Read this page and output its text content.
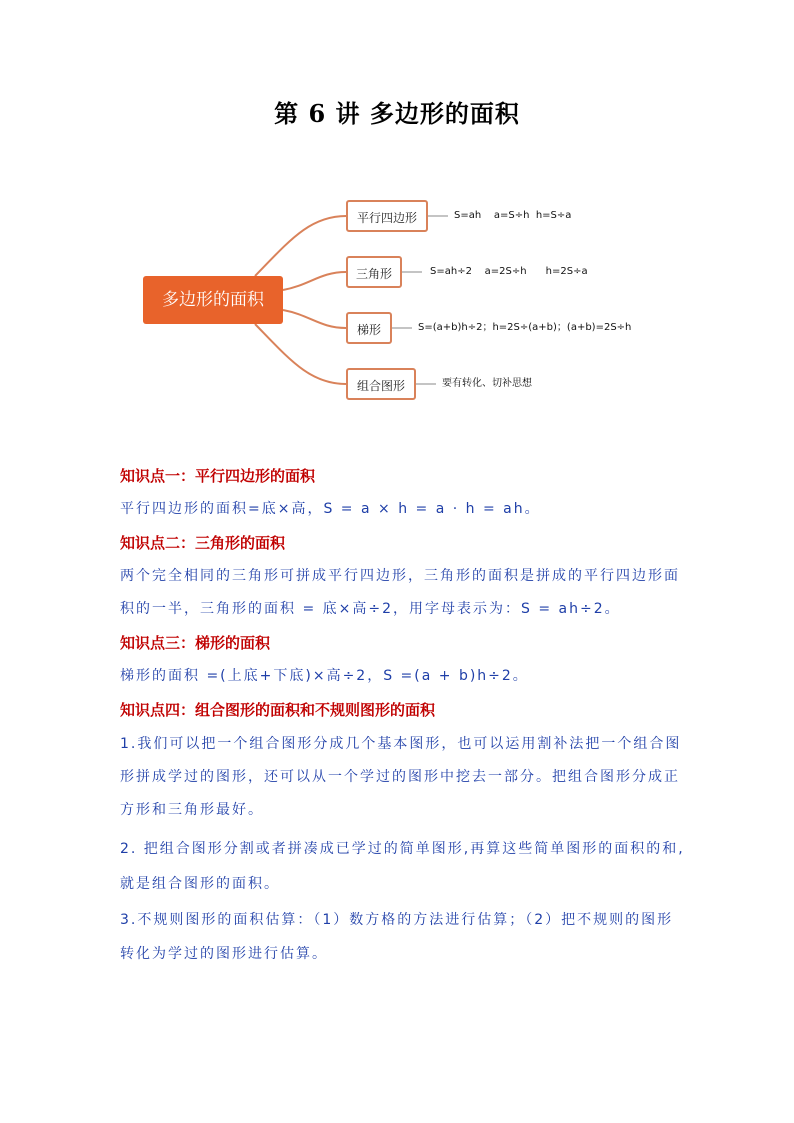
第 6 讲 多边形的面积
多边形的面积
平行四边形
三角形
梯形
组合图形
S=ah    a=S÷h  h=S÷a
S=ah÷2    a=2S÷h      h=2S÷a
S=(a+b)h÷2；h=2S÷(a+b)；(a+b)=2S÷h
要有转化、切补思想
知识点一：平行四边形的面积
平行四边形的面积=底×高，S = a × h = a · h = ah。
知识点二：三角形的面积
两个完全相同的三角形可拼成平行四边形，三角形的面积是拼成的平行四边形面
积的一半，三角形的面积 = 底×高÷2，用字母表示为：S = ah÷2。
知识点三：梯形的面积
梯形的面积 =(上底+下底)×高÷2，S =(a + b)h÷2。
知识点四：组合图形的面积和不规则图形的面积
1.我们可以把一个组合图形分成几个基本图形，也可以运用割补法把一个组合图
形拼成学过的图形，还可以从一个学过的图形中挖去一部分。把组合图形分成正
方形和三角形最好。
2. 把组合图形分割或者拼凑成已学过的简单图形,再算这些简单图形的面积的和,
就是组合图形的面积。
3.不规则图形的面积估算：（1）数方格的方法进行估算；（2）把不规则的图形
转化为学过的图形进行估算。
